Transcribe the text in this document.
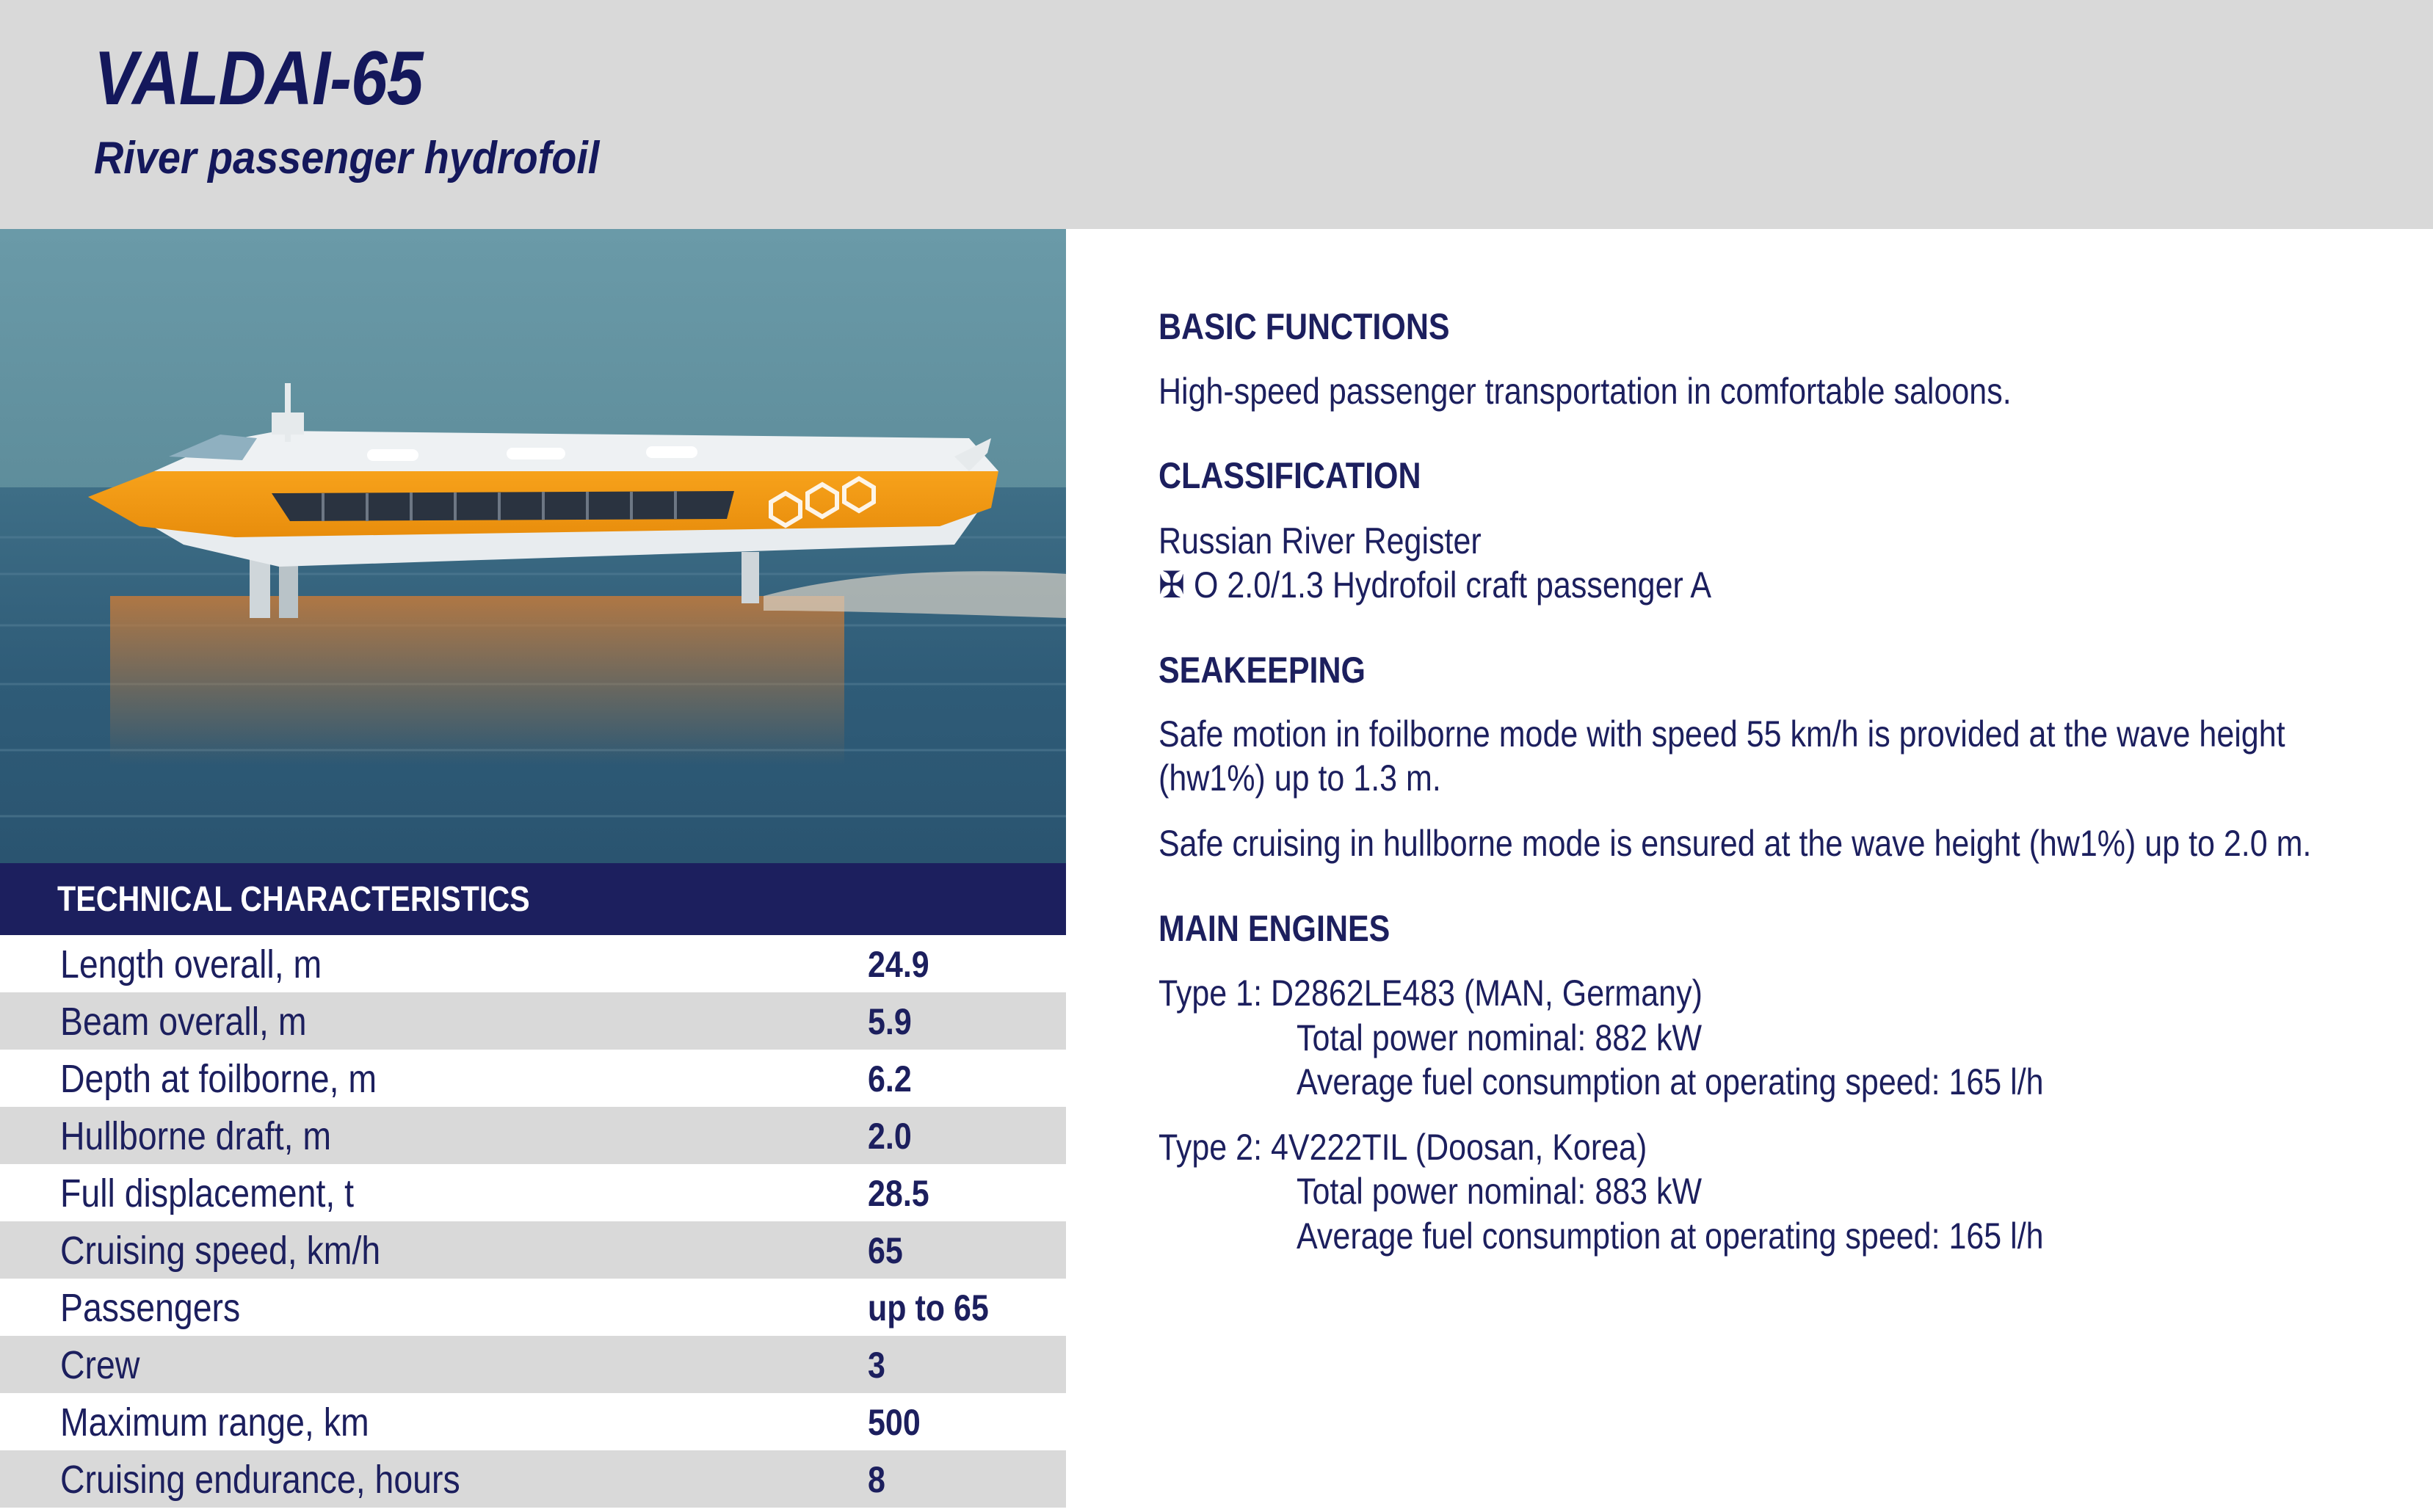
VALDAI-65
River passenger hydrofoil
TECHNICAL CHARACTERISTICS
Length overall, m	24.9
Beam overall, m	5.9
Depth at foilborne, m	6.2
Hullborne draft, m	2.0
Full displacement, t	28.5
Cruising speed, km/h	65
Passengers	up to 65
Crew	3
Maximum range, km	500
Cruising endurance, hours	8
BASIC FUNCTIONS

High-speed passenger transportation in comfortable saloons.

CLASSIFICATION

Russian River Register

✠ O 2.0/1.3 Hydrofoil craft passenger A

SEAKEEPING

Safe motion in foilborne mode with speed 55 km/h is provided at the wave height

(hw1%) up to 1.3 m.

Safe cruising in hullborne mode is ensured at the wave height (hw1%) up to 2.0 m.

MAIN ENGINES

Type 1: D2862LE483 (MAN, Germany)

Total power nominal: 882 kW

Average fuel consumption at operating speed: 165 l/h

Type 2: 4V222TIL (Doosan, Korea)

Total power nominal: 883 kW

Average fuel consumption at operating speed: 165 l/h
